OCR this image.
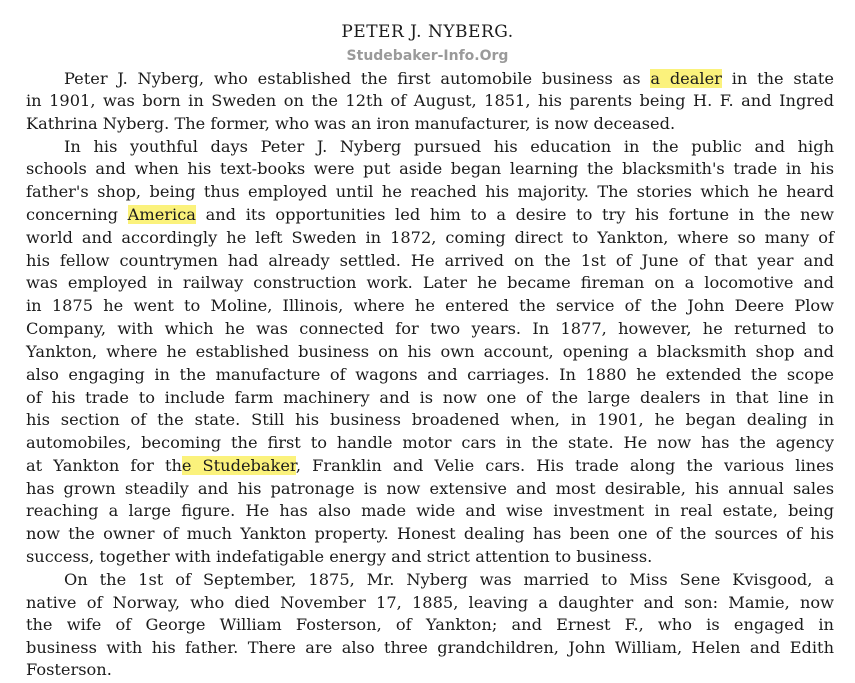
PETER J. NYBERG.
Studebaker-Info.Org
Peter J. Nyberg, who established the first automobile business as a dealer in the state
in 1901, was born in Sweden on the 12th of August, 1851, his parents being H. F. and Ingred
Kathrina Nyberg. The former, who was an iron manufacturer, is now deceased.
In his youthful days Peter J. Nyberg pursued his education in the public and high
schools and when his text-books were put aside began learning the blacksmith's trade in his
father's shop, being thus employed until he reached his majority. The stories which he heard
concerning America and its opportunities led him to a desire to try his fortune in the new
world and accordingly he left Sweden in 1872, coming direct to Yankton, where so many of
his fellow countrymen had already settled. He arrived on the 1st of June of that year and
was employed in railway construction work. Later he became fireman on a locomotive and
in 1875 he went to Moline, Illinois, where he entered the service of the John Deere Plow
Company, with which he was connected for two years. In 1877, however, he returned to
Yankton, where he established business on his own account, opening a blacksmith shop and
also engaging in the manufacture of wagons and carriages. In 1880 he extended the scope
of his trade to include farm machinery and is now one of the large dealers in that line in
his section of the state. Still his business broadened when, in 1901, he began dealing in
automobiles, becoming the first to handle motor cars in the state. He now has the agency
at Yankton for the Studebaker, Franklin and Velie cars. His trade along the various lines
has grown steadily and his patronage is now extensive and most desirable, his annual sales
reaching a large figure. He has also made wide and wise investment in real estate, being
now the owner of much Yankton property. Honest dealing has been one of the sources of his
success, together with indefatigable energy and strict attention to business.
On the 1st of September, 1875, Mr. Nyberg was married to Miss Sene Kvisgood, a
native of Norway, who died November 17, 1885, leaving a daughter and son: Mamie, now
the wife of George William Fosterson, of Yankton; and Ernest F., who is engaged in
business with his father. There are also three grandchildren, John William, Helen and Edith
Fosterson.
